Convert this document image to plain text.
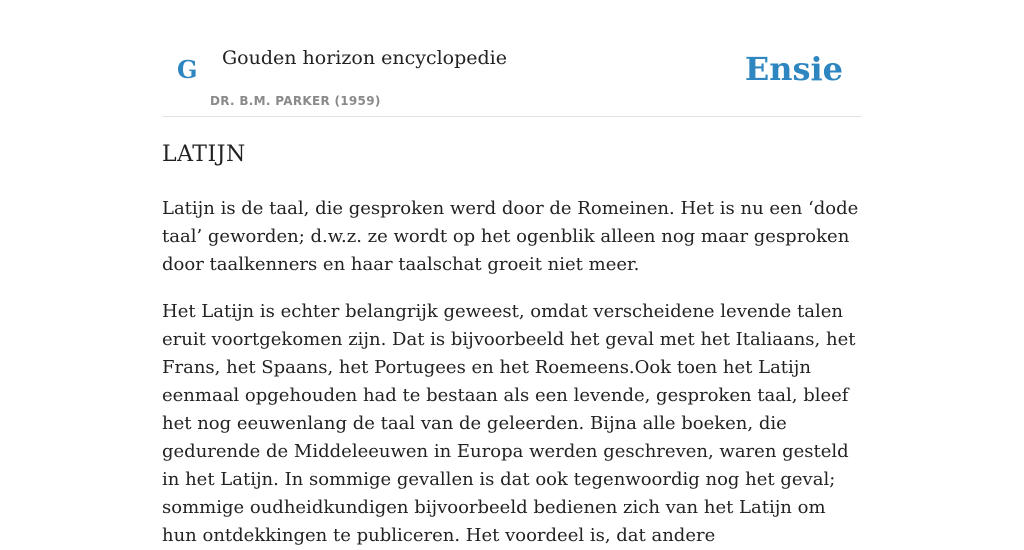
G Gouden horizon encyclopedie
DR. B.M. PARKER (1959)
Ensie
LATIJN

Latijn is de taal, die gesproken werd door de Romeinen. Het is nu een ‘dode taal’ geworden; d.w.z. ze wordt op het ogenblik alleen nog maar gesproken door taalkenners en haar taalschat groeit niet meer.

Het Latijn is echter belangrijk geweest, omdat verscheidene levende talen eruit voortgekomen zijn. Dat is bijvoorbeeld het geval met het Italiaans, het Frans, het Spaans, het Portugees en het Roemeens.Ook toen het Latijn eenmaal opgehouden had te bestaan als een levende, gesproken taal, bleef het nog eeuwenlang de taal van de geleerden. Bijna alle boeken, die gedurende de Middeleeuwen in Europa werden geschreven, waren gesteld in het Latijn. In sommige gevallen is dat ook tegenwoordig nog het geval; sommige oudheidkundigen bijvoorbeeld bedienen zich van het Latijn om hun ontdekkingen te publiceren. Het voordeel is, dat andere
